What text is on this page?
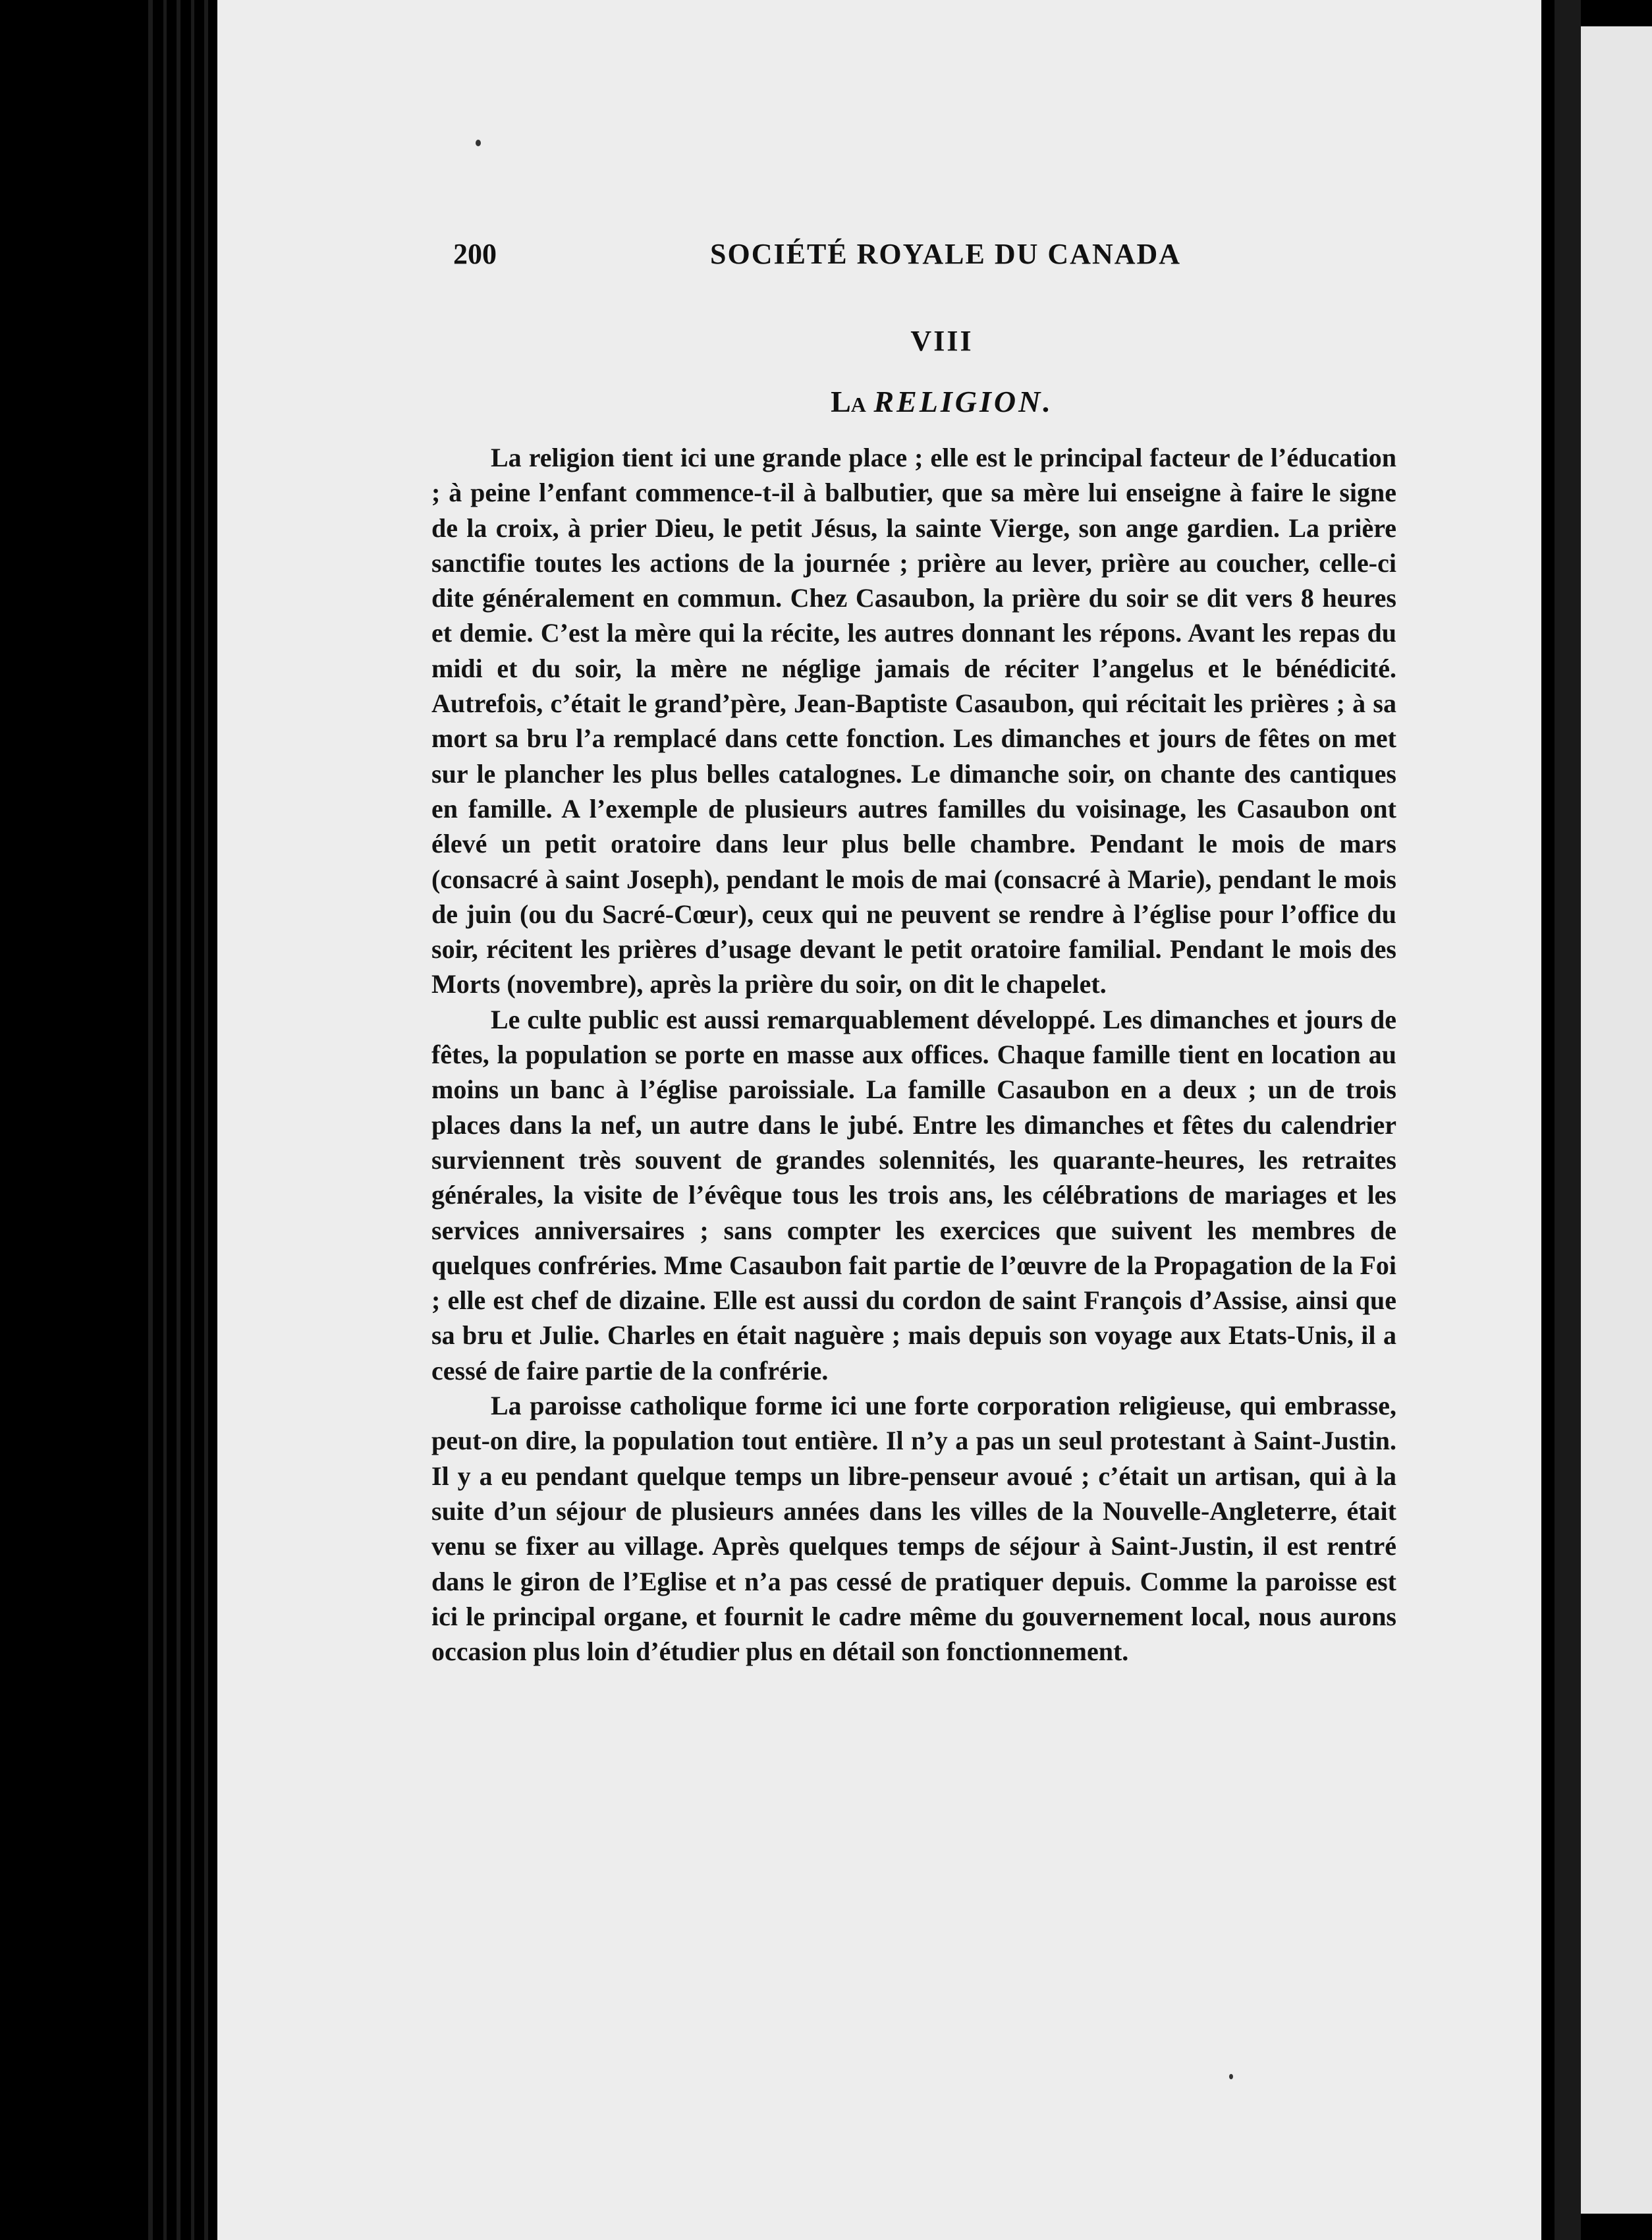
200	SOCIÉTÉ ROYALE DU CANADA
VIII
La RELIGION.

La religion tient ici une grande place ; elle est le principal facteur de l’éducation ; à peine l’enfant commence-t-il à balbutier, que sa mère lui enseigne à faire le signe de la croix, à prier Dieu, le petit Jésus, la sainte Vierge, son ange gardien. La prière sanctifie toutes les actions de la journée ; prière au lever, prière au coucher, celle-ci dite généralement en commun. Chez Casaubon, la prière du soir se dit vers 8 heures et demie. C’est la mère qui la récite, les autres donnant les répons. Avant les repas du midi et du soir, la mère ne néglige jamais de réciter l’angelus et le bénédicité. Autrefois, c’était le grand’père, Jean-Baptiste Casaubon, qui récitait les prières ; à sa mort sa bru l’a remplacé dans cette fonction. Les dimanches et jours de fêtes on met sur le plancher les plus belles catalognes. Le dimanche soir, on chante des cantiques en famille. A l’exemple de plusieurs autres familles du voisinage, les Casaubon ont élevé un petit oratoire dans leur plus belle chambre. Pendant le mois de mars (consacré à saint Joseph), pendant le mois de mai (consacré à Marie), pendant le mois de juin (ou du Sacré-Cœur), ceux qui ne peuvent se rendre à l’église pour l’office du soir, récitent les prières d’usage devant le petit oratoire familial. Pendant le mois des Morts (novembre), après la prière du soir, on dit le chapelet.

Le culte public est aussi remarquablement développé. Les dimanches et jours de fêtes, la population se porte en masse aux offices. Chaque famille tient en location au moins un banc à l’église paroissiale. La famille Casaubon en a deux ; un de trois places dans la nef, un autre dans le jubé. Entre les dimanches et fêtes du calendrier surviennent très souvent de grandes solennités, les quarante-heures, les retraites générales, la visite de l’évêque tous les trois ans, les célébrations de mariages et les services anniversaires ; sans compter les exercices que suivent les membres de quelques confréries. Mme Casaubon fait partie de l’œuvre de la Propagation de la Foi ; elle est chef de dizaine. Elle est aussi du cordon de saint François d’Assise, ainsi que sa bru et Julie. Charles en était naguère ; mais depuis son voyage aux Etats-Unis, il a cessé de faire partie de la confrérie.

La paroisse catholique forme ici une forte corporation religieuse, qui embrasse, peut-on dire, la population tout entière. Il n’y a pas un seul protestant à Saint-Justin. Il y a eu pendant quelque temps un libre-penseur avoué ; c’était un artisan, qui à la suite d’un séjour de plusieurs années dans les villes de la Nouvelle-Angleterre, était venu se fixer au village. Après quelques temps de séjour à Saint-Justin, il est rentré dans le giron de l’Eglise et n’a pas cessé de pratiquer depuis. Comme la paroisse est ici le principal organe, et fournit le cadre même du gouvernement local, nous aurons occasion plus loin d’étudier plus en détail son fonctionnement.
